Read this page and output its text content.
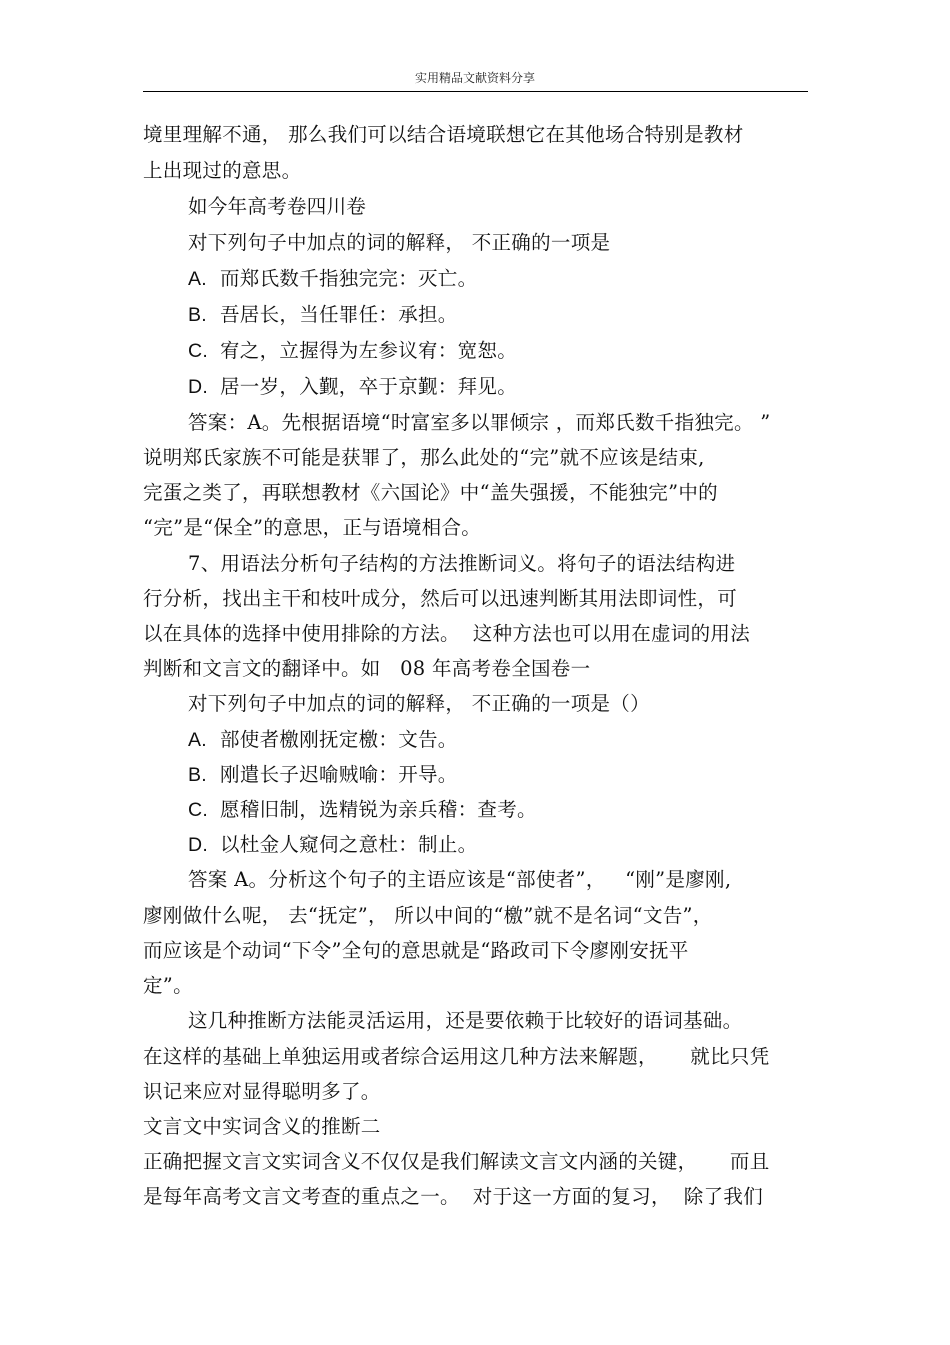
实用精品文献资料分享
境里理解不通， 那么我们可以结合语境联想它在其他场合特别是教材
上出现过的意思。
如今年高考卷四川卷
对下列句子中加点的词的解释， 不正确的一项是
A. 而郑氏数千指独完完：灭亡。
B. 吾居长，当任罪任：承担。
C. 宥之，立握得为左参议宥：宽恕。
D. 居一岁，入觐，卒于京觐：拜见。
答案：A。先根据语境“时富室多以罪倾宗 ，而郑氏数千指独完。 ”
说明郑氏家族不可能是获罪了，那么此处的“完”就不应该是结束,
完蛋之类了，再联想教材《六国论》中“盖失强援，不能独完”中的
“完”是“保全”的意思，正与语境相合。
7、用语法分析句子结构的方法推断词义。将句子的语法结构进
行分析，找出主干和枝叶成分，然后可以迅速判断其用法即词性，可
以在具体的选择中使用排除的方法。  这种方法也可以用在虚词的用法
判断和文言文的翻译中。如   08 年高考卷全国卷一
对下列句子中加点的词的解释， 不正确的一项是（）
A. 部使者檄刚抚定檄：文告。
B. 刚遣长子迟喻贼喻：开导。
C. 愿稽旧制，选精锐为亲兵稽：查考。
D. 以杜金人窥伺之意杜：制止。
答案 A。分析这个句子的主语应该是“部使者”，   “刚”是廖刚,
廖刚做什么呢， 去“抚定”， 所以中间的“檄”就不是名词“文告”，
而应该是个动词“下令”全句的意思就是“路政司下令廖刚安抚平
定”。
这几种推断方法能灵活运用，还是要依赖于比较好的语词基础。
在这样的基础上单独运用或者综合运用这几种方法来解题，     就比只凭
识记来应对显得聪明多了。
文言文中实词含义的推断二
正确把握文言文实词含义不仅仅是我们解读文言文内涵的关键，     而且
是每年高考文言文考查的重点之一。  对于这一方面的复习，  除了我们
